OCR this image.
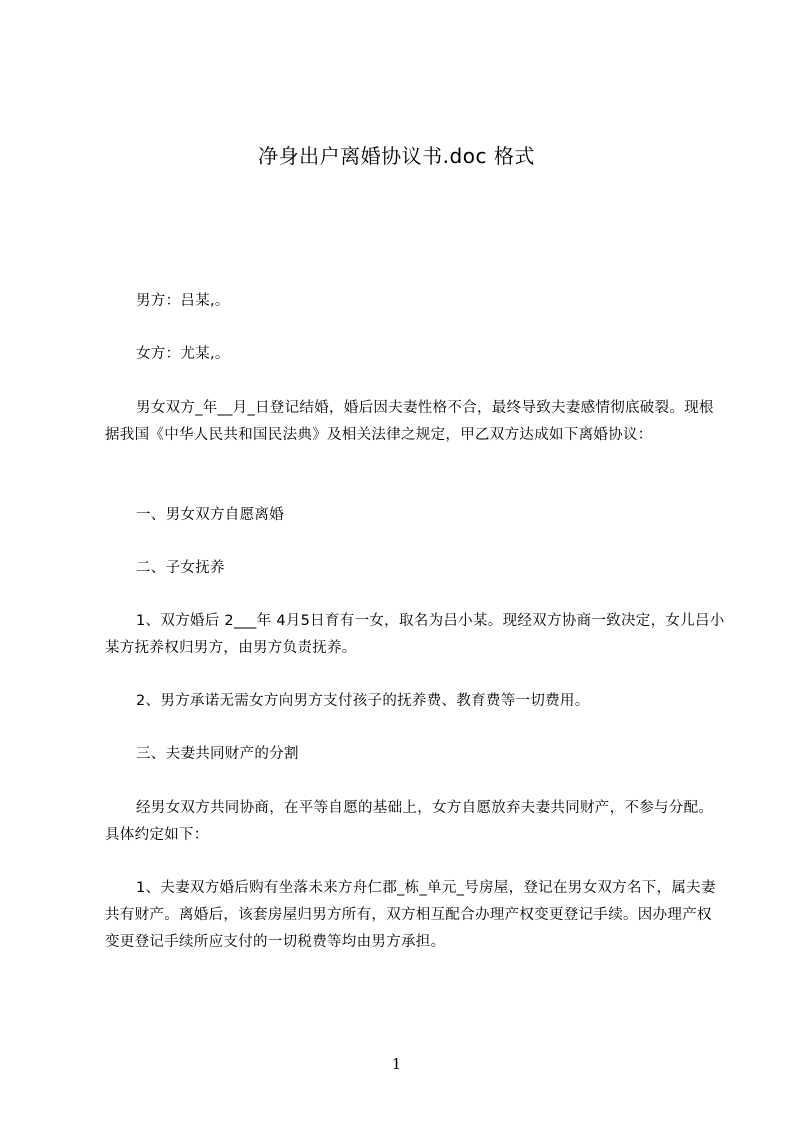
净身出户离婚协议书.doc 格式
男方：吕某,。
女方：尤某,。
男女双方_年__月_日登记结婚，婚后因夫妻性格不合，最终导致夫妻感情彻底破裂。现根据我国《中华人民共和国民法典》及相关法律之规定，甲乙双方达成如下离婚协议：
一、男女双方自愿离婚
二、子女抚养
1、双方婚后 2___年 4月5日育有一女，取名为吕小某。现经双方协商一致决定，女儿吕小某方抚养权归男方，由男方负责抚养。
2、男方承诺无需女方向男方支付孩子的抚养费、教育费等一切费用。
三、夫妻共同财产的分割
经男女双方共同协商，在平等自愿的基础上，女方自愿放弃夫妻共同财产，不参与分配。具体约定如下：
1、夫妻双方婚后购有坐落未来方舟仁郡_栋_单元_号房屋，登记在男女双方名下，属夫妻共有财产。离婚后，该套房屋归男方所有，双方相互配合办理产权变更登记手续。因办理产权变更登记手续所应支付的一切税费等均由男方承担。
1
